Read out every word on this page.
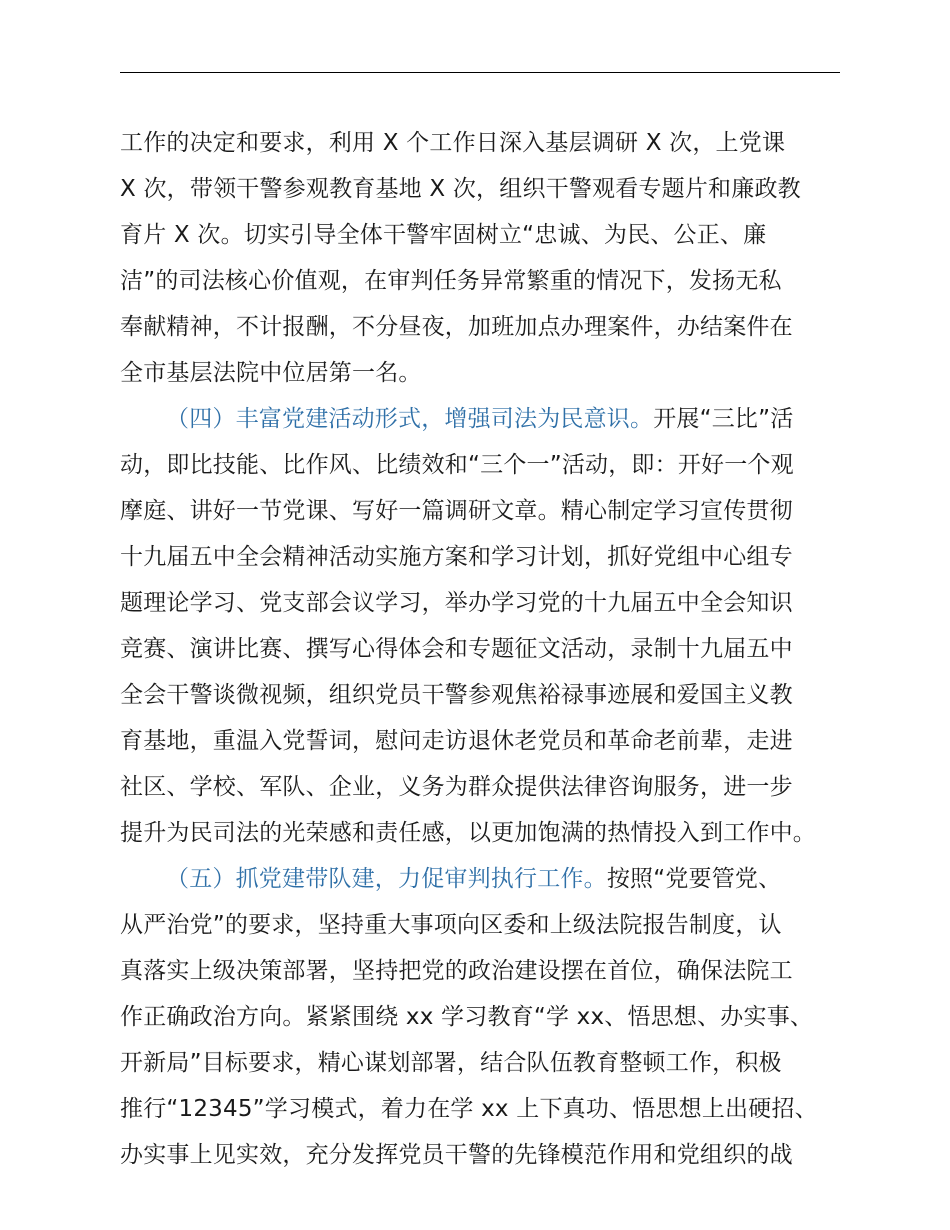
工作的决定和要求，利用 X 个工作日深入基层调研 X 次，上党课
X 次，带领干警参观教育基地 X 次，组织干警观看专题片和廉政教
育片 X 次。切实引导全体干警牢固树立“忠诚、为民、公正、廉
洁”的司法核心价值观，在审判任务异常繁重的情况下，发扬无私
奉献精神，不计报酬，不分昼夜，加班加点办理案件，办结案件在
全市基层法院中位居第一名。
（四）丰富党建活动形式，增强司法为民意识。开展“三比”活
动，即比技能、比作风、比绩效和“三个一”活动，即：开好一个观
摩庭、讲好一节党课、写好一篇调研文章。精心制定学习宣传贯彻
十九届五中全会精神活动实施方案和学习计划，抓好党组中心组专
题理论学习、党支部会议学习，举办学习党的十九届五中全会知识
竞赛、演讲比赛、撰写心得体会和专题征文活动，录制十九届五中
全会干警谈微视频，组织党员干警参观焦裕禄事迹展和爱国主义教
育基地，重温入党誓词，慰问走访退休老党员和革命老前辈，走进
社区、学校、军队、企业，义务为群众提供法律咨询服务，进一步
提升为民司法的光荣感和责任感，以更加饱满的热情投入到工作中。
（五）抓党建带队建，力促审判执行工作。按照“党要管党、
从严治党”的要求，坚持重大事项向区委和上级法院报告制度，认
真落实上级决策部署，坚持把党的政治建设摆在首位，确保法院工
作正确政治方向。紧紧围绕 xx 学习教育“学 xx、悟思想、办实事、
开新局”目标要求，精心谋划部署，结合队伍教育整顿工作，积极
推行“12345”学习模式，着力在学 xx 上下真功、悟思想上出硬招、
办实事上见实效，充分发挥党员干警的先锋模范作用和党组织的战
